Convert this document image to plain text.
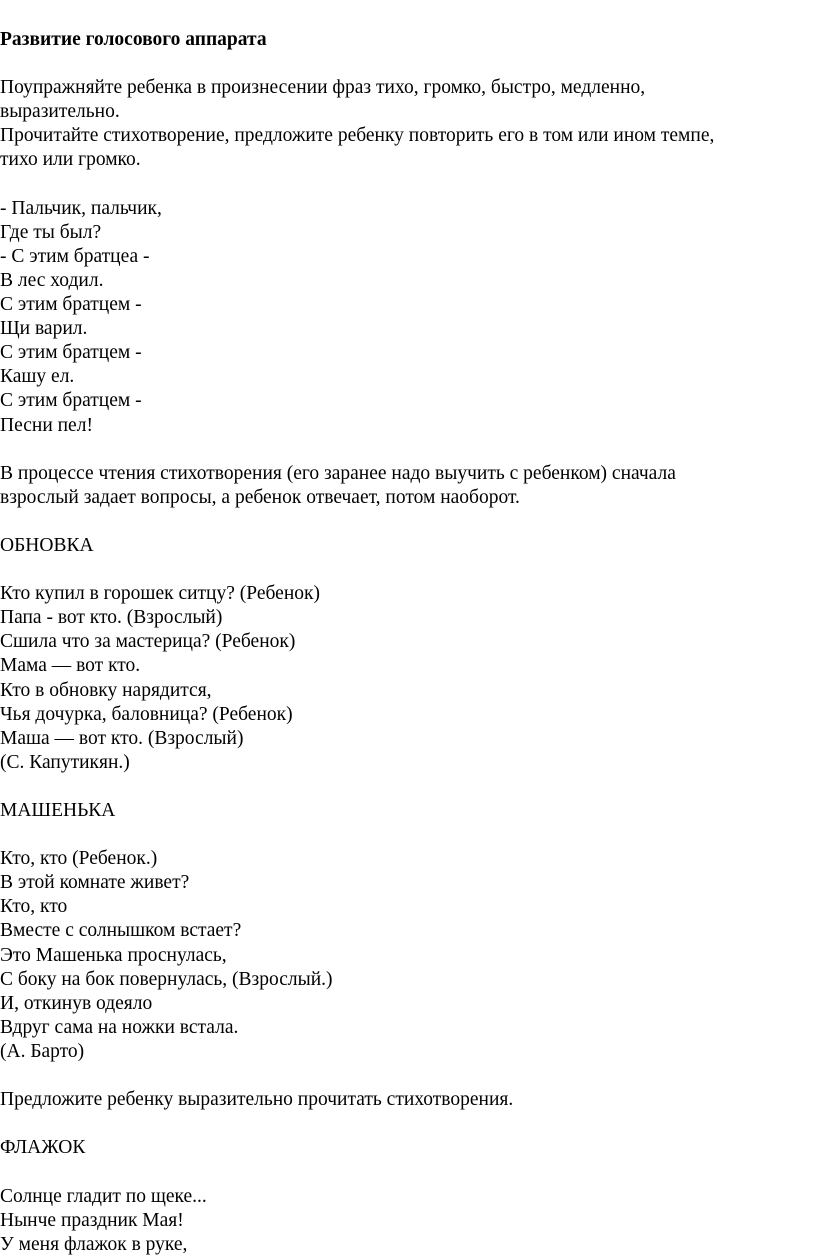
Развитие голосового аппарата
Поупражняйте ребенка в произнесении фраз тихо, громко, быстро, медленно,
выразительно.
Прочитайте стихотворение, предложите ребенку повторить его в том или ином темпе,
тихо или громко.
- Пальчик, пальчик,
Где ты был?
- С этим братцеа -
В лес ходил.
С этим братцем -
Щи варил.
С этим братцем -
Кашу ел.
С этим братцем -
Песни пел!
В процессе чтения стихотворения (его заранее надо выучить с ребенком) сначала
взрослый задает вопросы, а ребенок отвечает, потом наоборот.
ОБНОВКА
Кто купил в горошек ситцу? (Ребенок)
Папа - вот кто. (Взрослый)
Сшила что за мастерица? (Ребенок)
Мама — вот кто.
Кто в обновку нарядится,
Чья дочурка, баловница? (Ребенок)
Маша — вот кто. (Взрослый)
(С. Капутикян.)
МАШЕНЬКА
Кто, кто (Ребенок.)
В этой комнате живет?
Кто, кто
Вместе с солнышком встает?
Это Машенька проснулась,
С боку на бок повернулась, (Взрослый.)
И, откинув одеяло
Вдруг сама на ножки встала.
(А. Барто)
Предложите ребенку выразительно прочитать стихотворения.
ФЛАЖОК
Солнце гладит по щеке...
Нынче праздник Мая!
У меня флажок в руке,
